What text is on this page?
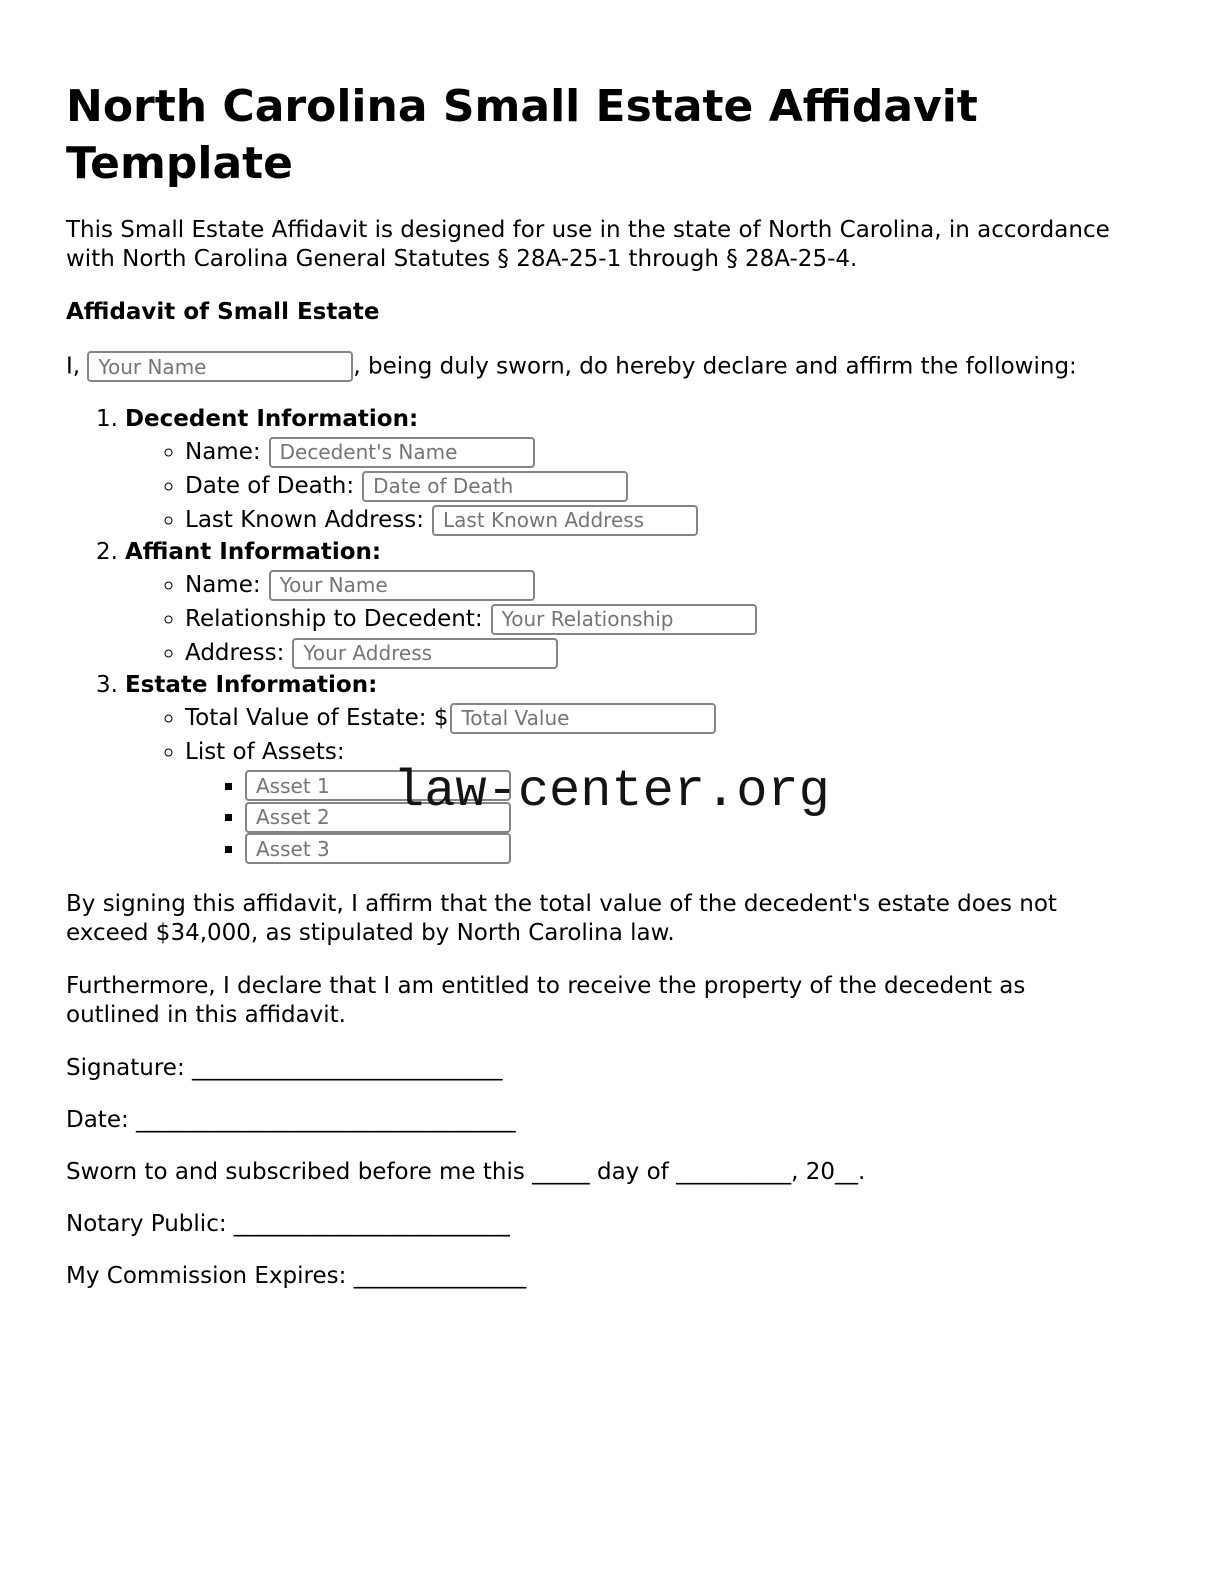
North Carolina Small Estate Affidavit Template

This Small Estate Affidavit is designed for use in the state of North Carolina, in accordance
with North Carolina General Statutes § 28A-25-1 through § 28A-25-4.

Affidavit of Small Estate

I, Your Name	, being duly sworn, do hereby declare and affirm the following:

1. Decedent Information:
◦ Name:Decedent's Name
◦ Date of Death:Date of Death
◦ Last Known Address:Last Known Address
2. Affiant Information:
◦ Name:Your Name
◦ Relationship to Decedent:Your Relationship
◦ Address:Your Address
3. Estate Information:
◦ Total Value of Estate: $Total Value
◦ List of Assets:
▪ Asset 1
▪ Asset 2
▪ Asset 3

By signing this affidavit, I affirm that the total value of the decedent's estate does not
exceed $34,000, as stipulated by North Carolina law.

Furthermore, I declare that I am entitled to receive the property of the decedent as
outlined in this affidavit.

Signature: ___________________________

Date: _________________________________

Sworn to and subscribed before me this _____ day of __________, 20__.

Notary Public: ________________________

My Commission Expires: _______________

law-center.org
